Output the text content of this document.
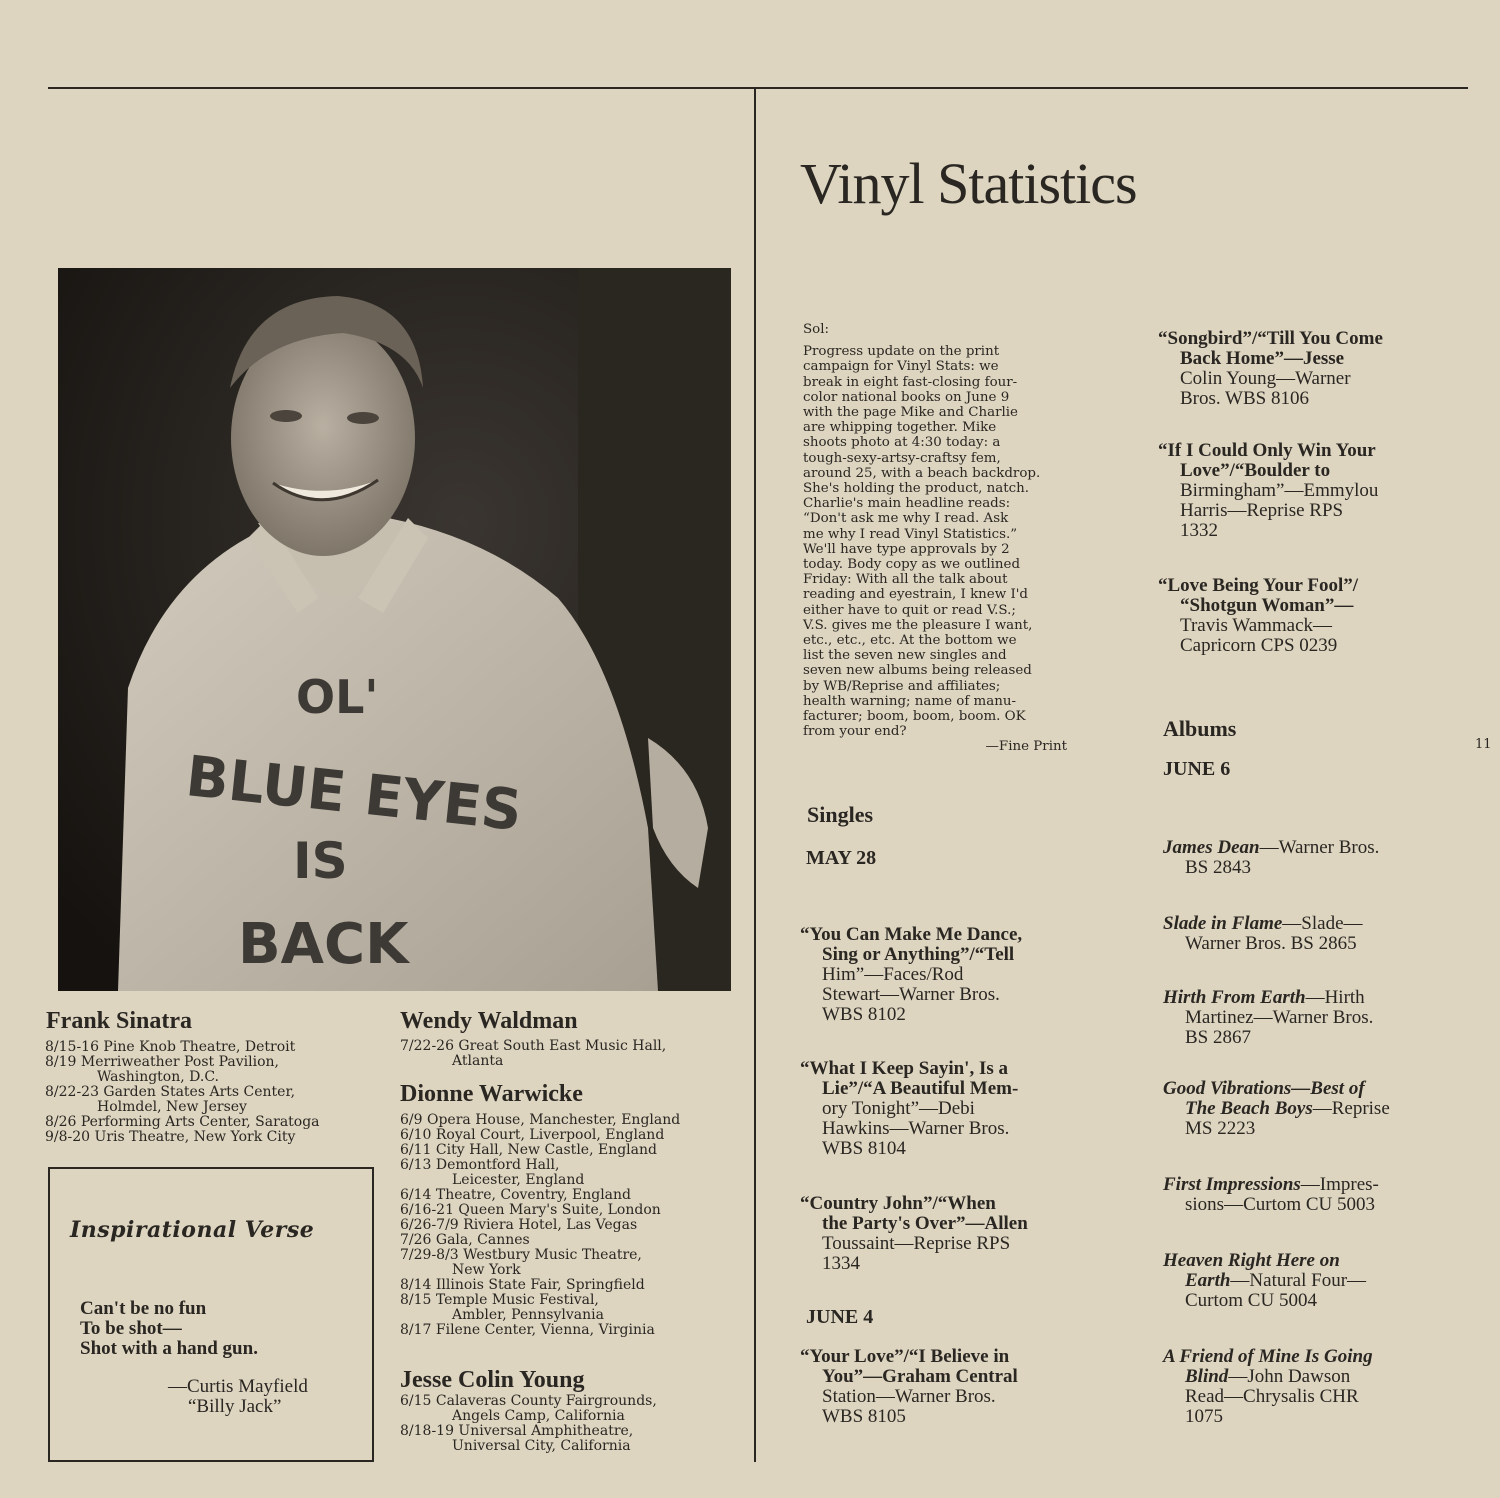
Vinyl Statistics
11
OL'
BLUE EYES
IS
BACK
Frank Sinatra
8/15-16 Pine Knob Theatre, Detroit
8/19 Merriweather Post Pavilion,
Washington, D.C.
8/22-23 Garden States Arts Center,
Holmdel, New Jersey
8/26 Performing Arts Center, Saratoga
9/8-20 Uris Theatre, New York City
Wendy Waldman
7/22-26 Great South East Music Hall,
Atlanta
Dionne Warwicke
6/9 Opera House, Manchester, England
6/10 Royal Court, Liverpool, England
6/11 City Hall, New Castle, England
6/13 Demontford Hall,
Leicester, England
6/14 Theatre, Coventry, England
6/16-21 Queen Mary's Suite, London
6/26-7/9 Riviera Hotel, Las Vegas
7/26 Gala, Cannes
7/29-8/3 Westbury Music Theatre,
New York
8/14 Illinois State Fair, Springfield
8/15 Temple Music Festival,
Ambler, Pennsylvania
8/17 Filene Center, Vienna, Virginia
Jesse Colin Young
6/15 Calaveras County Fairgrounds,
Angels Camp, California
8/18-19 Universal Amphitheatre,
Universal City, California
Inspirational Verse
Can't be no fun
To be shot—
Shot with a hand gun.
—Curtis Mayfield
“Billy Jack”

Sol:

Progress update on the print

campaign for Vinyl Stats: we

break in eight fast-closing four-

color national books on June 9

with the page Mike and Charlie

are whipping together. Mike

shoots photo at 4:30 today: a

tough-sexy-artsy-craftsy fem,

around 25, with a beach backdrop.

She's holding the product, natch.

Charlie's main headline reads:

“Don't ask me why I read. Ask

me why I read Vinyl Statistics.”

We'll have type approvals by 2

today. Body copy as we outlined

Friday: With all the talk about

reading and eyestrain, I knew I'd

either have to quit or read V.S.;

V.S. gives me the pleasure I want,

etc., etc., etc. At the bottom we

list the seven new singles and

seven new albums being released

by WB/Reprise and affiliates;

health warning; name of manu-

facturer; boom, boom, boom. OK

from your end?

—Fine Print

Singles
MAY 28
“You Can Make Me Dance,
Sing or Anything”/“Tell
Him”—Faces/Rod
Stewart—Warner Bros.
WBS 8102
“What I Keep Sayin', Is a
Lie”/“A Beautiful Mem-
ory Tonight”—Debi
Hawkins—Warner Bros.
WBS 8104
“Country John”/“When
the Party's Over”—Allen
Toussaint—Reprise RPS
1334
JUNE 4
“Your Love”/“I Believe in
You”—Graham Central
Station—Warner Bros.
WBS 8105
“Songbird”/“Till You Come
Back Home”—Jesse
Colin Young—Warner
Bros. WBS 8106
“If I Could Only Win Your
Love”/“Boulder to
Birmingham”—Emmylou
Harris—Reprise RPS
1332
“Love Being Your Fool”/
“Shotgun Woman”—
Travis Wammack—
Capricorn CPS 0239
Albums
JUNE 6
James Dean—Warner Bros.
BS 2843
Slade in Flame—Slade—
Warner Bros. BS 2865
Hirth From Earth—Hirth
Martinez—Warner Bros.
BS 2867
Good Vibrations—Best of
The Beach Boys—Reprise
MS 2223
First Impressions—Impres-
sions—Curtom CU 5003
Heaven Right Here on
Earth—Natural Four—
Curtom CU 5004
A Friend of Mine Is Going
Blind—John Dawson
Read—Chrysalis CHR
1075
